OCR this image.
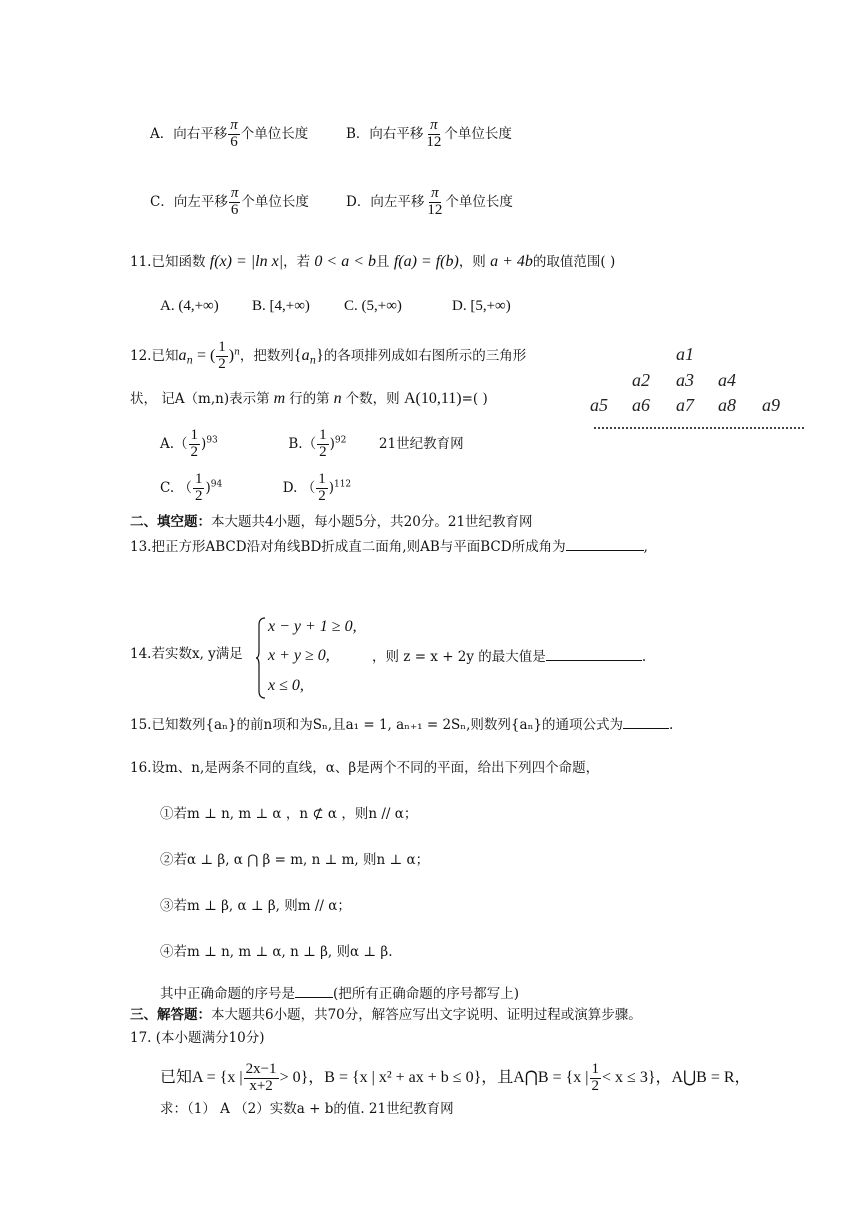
A．向右平移 $\frac{\pi}{6}$ 个单位长度	B．向右平移 $\frac{\pi}{12}$ 个单位长度
C．向左平移 $\frac{\pi}{6}$ 个单位长度	D．向左平移 $\frac{\pi}{12}$ 个单位长度
11.已知函数 f(x) = |ln x|，若 0 < a < b且 f(a) = f(b)，则 a + 4b的取值范围( )
A. (4,+∞) B. [4,+∞) C. (5,+∞)	D. [5,+∞)
12.已知$a_n$ = ( $\frac{1}{2} )^n$，把数列$\{a_n\}$的各项排列成如右图所示的三角形
状， 记A（m,n)表示第 m 行的第 n 个数，则 A(10,11)=( )
a1
a2 a3 a4
a5 a6 a7 a8 a9
$A.( \frac{1}{2} )^{93}$	$B.( \frac{1}{2} )^{92}$ 21世纪教育网
C. （ $\frac{1}{2} )^{94}$	D. （ $\frac{1}{2} )^{112}$
二、填空题：本大题共4小题，每小题5分，共20分。21世纪教育网
13.把正方形ABCD沿对角线BD折成直二面角,则AB与平面BCD所成角为	,
14.若实数x, y满足
x − y + 1 ≥ 0,
x + y ≥ 0,
x ≤ 0,
，则 z = x + 2y 的最大值是	.
15.已知数列{aₙ}的前n项和为Sₙ,且a₁ = 1, aₙ₊₁ = 2Sₙ,则数列{aₙ}的通项公式为	.
16.设m、n,是两条不同的直线，α、β是两个不同的平面，给出下列四个命题，
①若m ⊥ n, m ⊥ α ，n ⊄ α ，则n // α；
②若α ⊥ β, α ⋂ β = m, n ⊥ m, 则n ⊥ α；
③若m ⊥ β, α ⊥ β, 则m // α；
④若m ⊥ n, m ⊥ α, n ⊥ β, 则α ⊥ β.
其中正确命题的序号是	(把所有正确命题的序号都写上)
三、解答题：本大题共6小题，共70分，解答应写出文字说明、证明过程或演算步骤。
17. (本小题满分10分)
已知A = {x | $\frac{2x-1}{x+2} > 0$}，B = {x | x² + ax + b ≤ 0}，且A⋂B = {x | $\frac{1}{2} < x \le 3$}，A⋃B = R，
求：（1） A （2）实数a + b的值. 21世纪教育网
